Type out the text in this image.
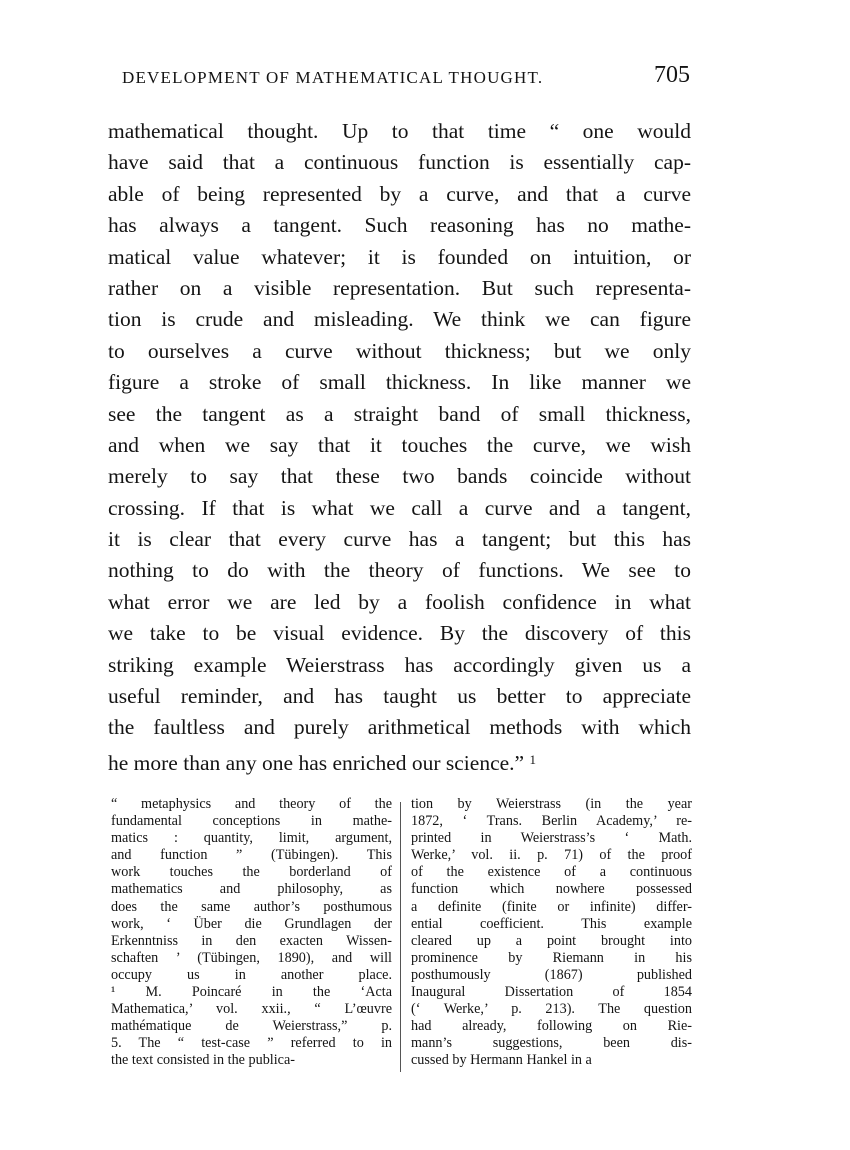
DEVELOPMENT OF MATHEMATICAL THOUGHT.	705
mathematical thought. Up to that time “ one would
have said that a continuous function is essentially cap-
able of being represented by a curve, and that a curve
has always a tangent. Such reasoning has no mathe-
matical value whatever; it is founded on intuition, or
rather on a visible representation. But such representa-
tion is crude and misleading. We think we can figure
to ourselves a curve without thickness; but we only
figure a stroke of small thickness. In like manner we
see the tangent as a straight band of small thickness,
and when we say that it touches the curve, we wish
merely to say that these two bands coincide without
crossing. If that is what we call a curve and a tangent,
it is clear that every curve has a tangent; but this has
nothing to do with the theory of functions. We see to
what error we are led by a foolish confidence in what
we take to be visual evidence. By the discovery of this
striking example Weierstrass has accordingly given us a
useful reminder, and has taught us better to appreciate
the faultless and purely arithmetical methods with which
he more than any one has enriched our science.” $^1$
“ metaphysics and theory of the
fundamental conceptions in mathe-
matics : quantity, limit, argument,
and function ” (Tübingen). This
work touches the borderland of
mathematics and philosophy, as
does the same author’s posthumous
work, ‘ Über die Grundlagen der
Erkenntniss in den exacten Wissen-
schaften ’ (Tübingen, 1890), and will
occupy us in another place.
¹ M. Poincaré in the ‘Acta
Mathematica,’ vol. xxii., “ L’œuvre
mathématique de Weierstrass,” p.
5. The “ test-case ” referred to in
the text consisted in the publica-
tion by Weierstrass (in the year
1872, ‘ Trans. Berlin Academy,’ re-
printed in Weierstrass’s ‘ Math.
Werke,’ vol. ii. p. 71) of the proof
of the existence of a continuous
function which nowhere possessed
a definite (finite or infinite) differ-
ential coefficient. This example
cleared up a point brought into
prominence by Riemann in his
posthumously (1867) published
Inaugural Dissertation of 1854
(‘ Werke,’ p. 213). The question
had already, following on Rie-
mann’s suggestions, been dis-
cussed by Hermann Hankel in a
